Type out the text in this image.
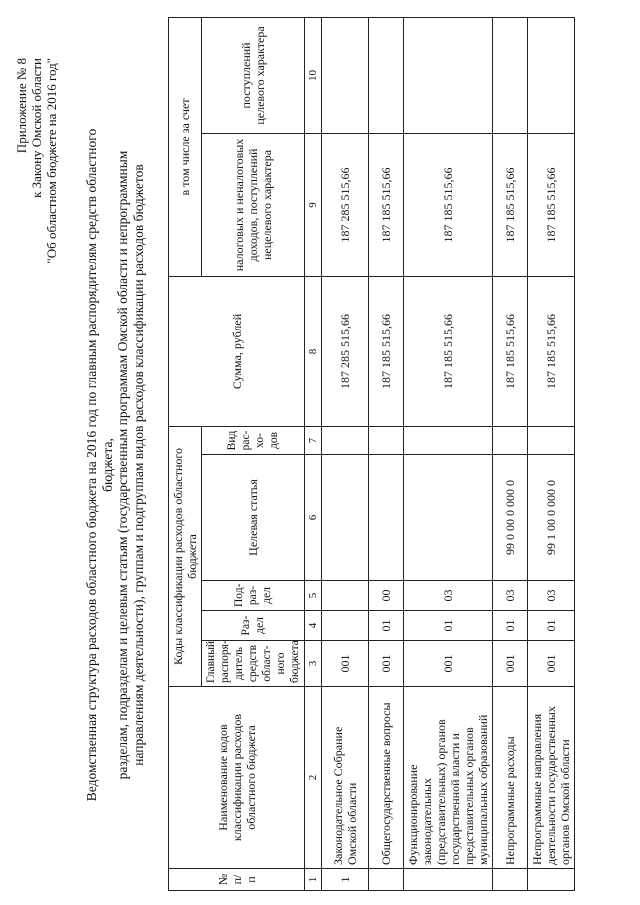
Приложение № 8 к Закону Омской области "Об областном бюджете на 2016 год" Ведомственная структура расходов областного бюджета на 2016 год по главным распорядителям средств областного бюджета, разделам, подразделам и целевым статьям (государственным программам Омской области и непрограммным направлениям деятельности), группам и подгруппам видов расходов классификации расходов бюджетов
№ п/п	Наименование кодов классификации расходов областного бюджета	Коды классификации расходов областного бюджета					Сумма, рублей	в том числе за счет	
		Главный распоря-дитель средств област-ного бюджета	Раз-дел	Под-раз-дел	Целевая статья	Вид рас-хо-дов		налоговых и неналоговых доходов, поступлений нецелевого характера	поступлений целевого характера

1	2	3	4	5	6	7	8	9	10
1	Законодательное Собрание Омской области	001					187 285 515,66	187 285 515,66	
	Общегосударственные вопросы	001	01	00			187 185 515,66	187 185 515,66	
	Функционирование законодательных (представительных) органов государственной власти и представительных органов муниципальных образований	001	01	03			187 185 515,66	187 185 515,66	
	Непрограммные расходы	001	01	03	99 0 00 0 000 0		187 185 515,66	187 185 515,66	
	Непрограммные направления деятельности государственных органов Омской области	001	01	03	99 1 00 0 000 0		187 185 515,66	187 185 515,66	
